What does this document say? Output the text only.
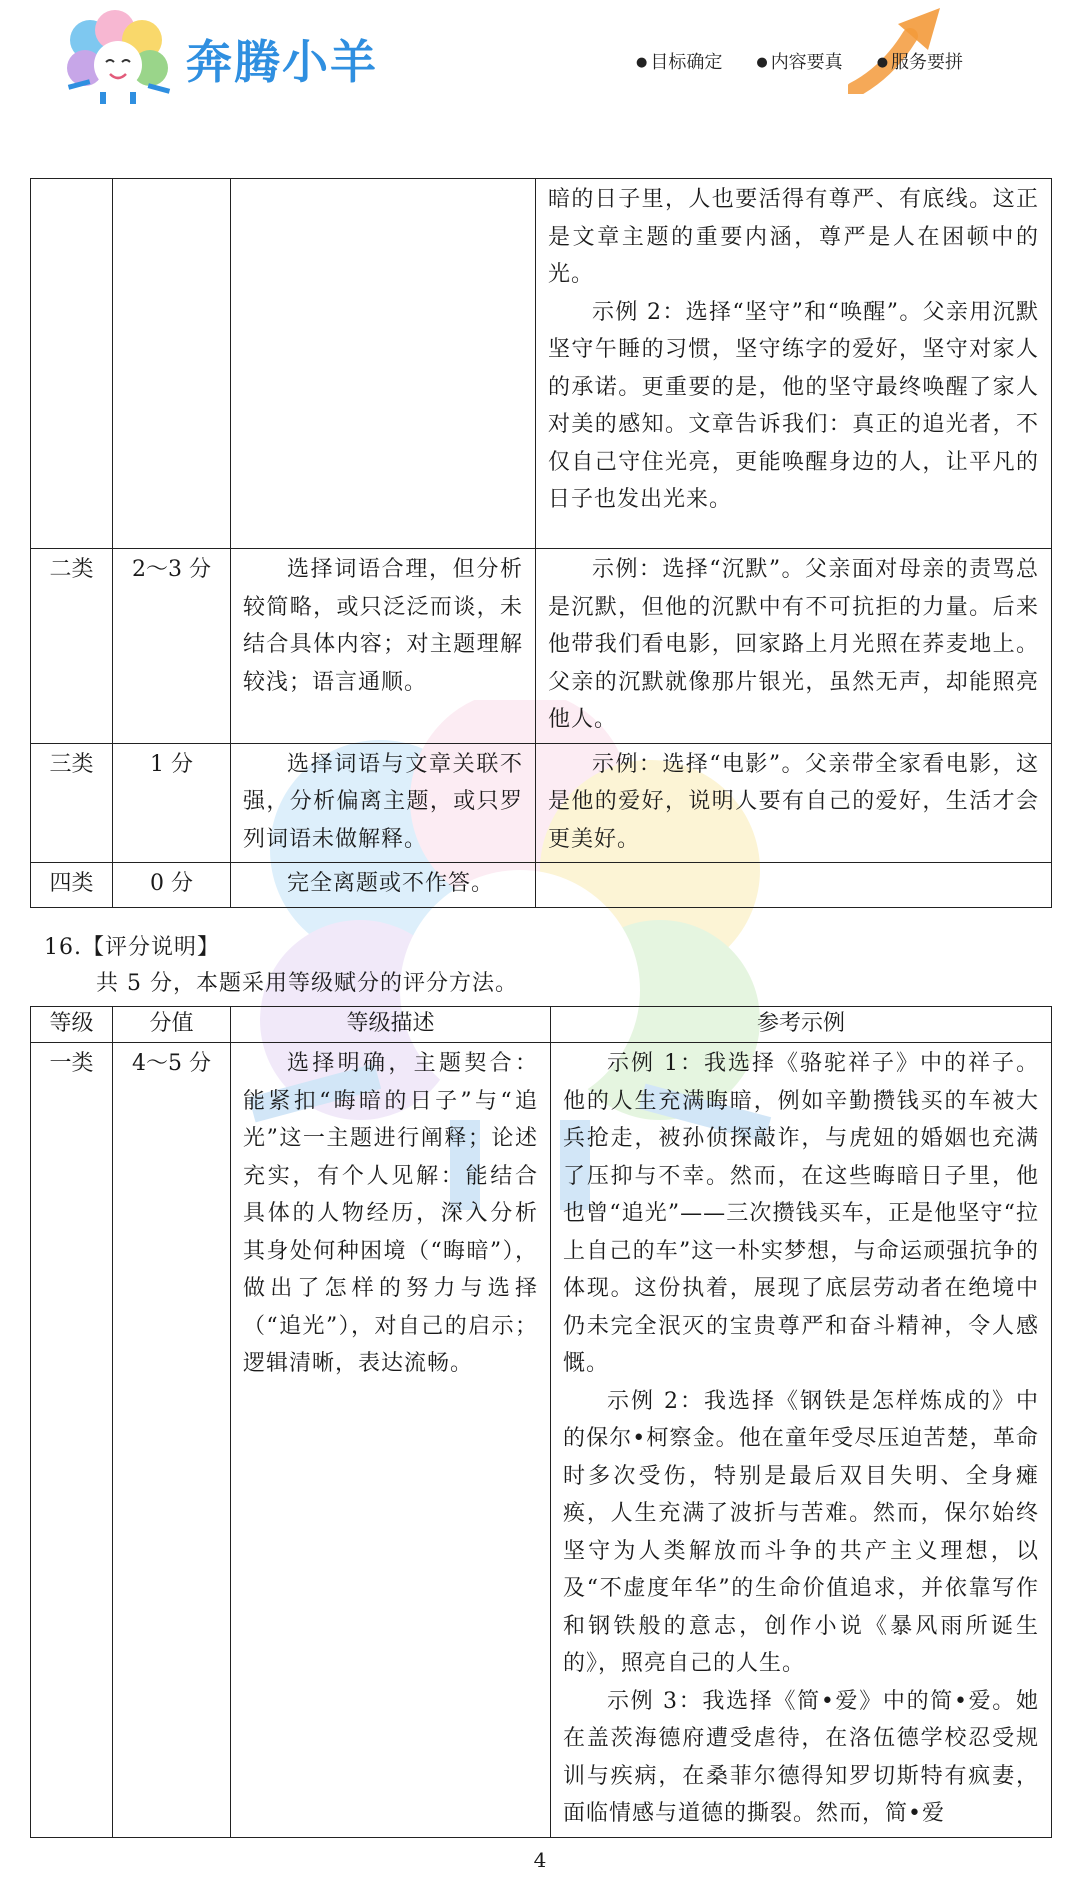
奔腾小羊	● 目标确定	● 内容要真	● 服务要拼

			暗的日子里，人也要活得有尊严、有底线。这正是文章主题的重要内涵，尊严是人在困顿中的光。

示例 2：选择“坚守”和“唤醒”。父亲用沉默坚守午睡的习惯，坚守练字的爱好，坚守对家人的承诺。更重要的是，他的坚守最终唤醒了家人对美的感知。文章告诉我们：真正的追光者，不仅自己守住光亮，更能唤醒身边的人，让平凡的日子也发出光来。

二类	2～3 分	选择词语合理，但分析较简略，或只泛泛而谈，未结合具体内容；对主题理解较浅；语言通顺。	示例：选择“沉默”。父亲面对母亲的责骂总是沉默，但他的沉默中有不可抗拒的力量。后来他带我们看电影，回家路上月光照在荞麦地上。父亲的沉默就像那片银光，虽然无声，却能照亮他人。
三类	1 分	选择词语与文章关联不强，分析偏离主题，或只罗列词语未做解释。	示例：选择“电影”。父亲带全家看电影，这是他的爱好，说明人要有自己的爱好，生活才会更美好。
四类	0 分	完全离题或不作答。	
16.【评分说明】
共 5 分，本题采用等级赋分的评分方法。
等级	分值	等级描述	参考示例
一类	4～5 分	选择明确，主题契合：能紧扣“晦暗的日子”与“追光”这一主题进行阐释；论述充实，有个人见解：能结合具体的人物经历，深入分析其身处何种困境（“晦暗”），做出了怎样的努力与选择（“追光”），对自己的启示；逻辑清晰，表达流畅。	示例 1：我选择《骆驼祥子》中的祥子。他的人生充满晦暗，例如辛勤攒钱买的车被大兵抢走，被孙侦探敲诈，与虎妞的婚姻也充满了压抑与不幸。然而，在这些晦暗日子里，他也曾“追光”——三次攒钱买车，正是他坚守“拉上自己的车”这一朴实梦想，与命运顽强抗争的体现。这份执着，展现了底层劳动者在绝境中仍未完全泯灭的宝贵尊严和奋斗精神，令人感慨。

示例 2：我选择《钢铁是怎样炼成的》中的保尔•柯察金。他在童年受尽压迫苦楚，革命时多次受伤，特别是最后双目失明、全身瘫痪，人生充满了波折与苦难。然而，保尔始终坚守为人类解放而斗争的共产主义理想，以及“不虚度年华”的生命价值追求，并依靠写作和钢铁般的意志，创作小说《暴风雨所诞生的》，照亮自己的人生。

示例 3：我选择《简•爱》中的简•爱。她在盖茨海德府遭受虐待，在洛伍德学校忍受规训与疾病，在桑菲尔德得知罗切斯特有疯妻，面临情感与道德的撕裂。然而，简•爱

4
